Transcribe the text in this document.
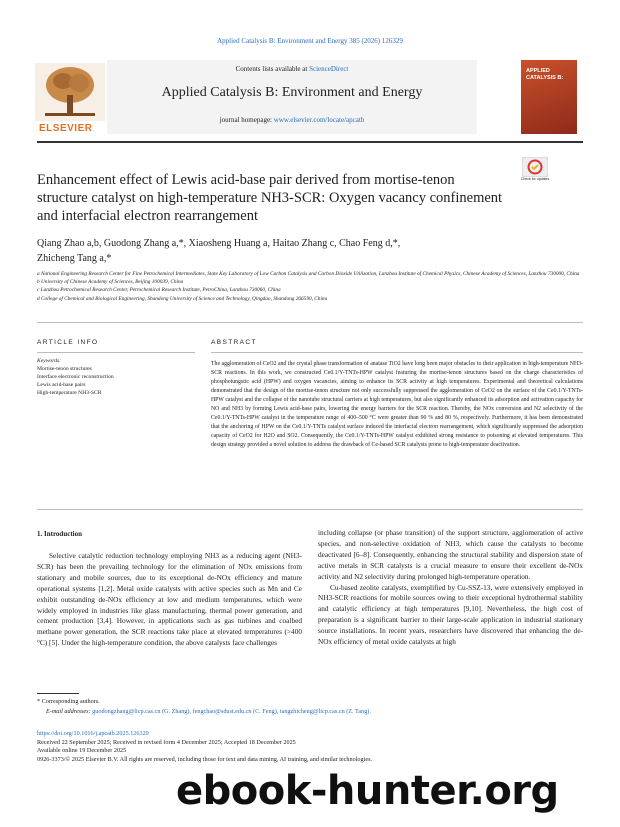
Applied Catalysis B: Environment and Energy 385 (2026) 126329
ELSEVIER
Contents lists available at ScienceDirect
Applied Catalysis B: Environment and Energy
journal homepage: www.elsevier.com/locate/apcatb
APPLIED CATALYSIS B:
Check for updates
Enhancement effect of Lewis acid-base pair derived from mortise-tenon structure catalyst on high-temperature NH3-SCR: Oxygen vacancy confinement and interfacial electron rearrangement
Qiang Zhao a,b, Guodong Zhang a,*, Xiaosheng Huang a, Haitao Zhang c, Chao Feng d,*,
Zhicheng Tang a,*
a National Engineering Research Center for Fine Petrochemical Intermediates, State Key Laboratory of Low Carbon Catalysis and Carbon Dioxide Utilization, Lanzhou Institute of Chemical Physics, Chinese Academy of Sciences, Lanzhou 730000, China
b University of Chinese Academy of Sciences, Beijing 100039, China
c Lanzhou Petrochemical Research Center, Petrochemical Research Institute, PetroChina, Lanzhou 730060, China
d College of Chemical and Biological Engineering, Shandong University of Science and Technology, Qingdao, Shandong 266590, China
ARTICLE INFO	ABSTRACT
Keywords:
Mortise-tenon structures
Interface electronic reconstruction
Lewis acid-base pairs
High-temperature NH3-SCR
The agglomeration of CeO2 and the crystal phase transformation of anatase TiO2 have long been major obstacles to their application in high-temperature NH3-SCR reactions. In this work, we constructed Ce0.1/Y-TNTs-HPW catalyst featuring the mortise-tenon structures based on the charge characteristics of phosphotungstic acid (HPW) and oxygen vacancies, aiming to enhance its SCR activity at high temperatures. Experimental and theoretical calculations demonstrated that the design of the mortise-tenon structure not only successfully suppressed the agglomeration of CeO2 on the surface of the Ce0.1/Y-TNTs-HPW catalyst and the collapse of the nanotube structural carriers at high temperatures, but also significantly enhanced its adsorption and activation capacity for NO and NH3 by forming Lewis acid-base pairs, lowering the energy barriers for the SCR reaction. Thereby, the NOx conversion and N2 selectivity of the Ce0.1/Y-TNTs-HPW catalyst in the temperature range of 400–500 °C were greater than 90 % and 80 %, respectively. Furthermore, it has been demonstrated that the anchoring of HPW on the Ce0.1/Y-TNTs catalyst surface induced the interfacial electron rearrangement, which significantly suppressed the adsorption capacity of CeO2 for H2O and SO2. Consequently, the Ce0.1/Y-TNTs-HPW catalyst exhibited strong resistance to poisoning at elevated temperatures. This design strategy provided a novel solution to address the drawback of Ce-based SCR catalysts prone to high-temperature deactivation.
1. Introduction
Selective catalytic reduction technology employing NH3 as a reducing agent (NH3-SCR) has been the prevailing technology for the elimination of NOx emissions from stationary and mobile sources, due to its exceptional de-NOx efficiency and mature operational systems [1,2]. Metal oxide catalysts with active species such as Mn and Ce exhibit outstanding de-NOx efficiency at low and medium temperatures, which were widely employed in industries like glass manufacturing, thermal power generation, and cement production [3,4]. However, in applications such as gas turbines and coalbed methane power generation, the SCR reactions take place at elevated temperatures (>400 °C) [5]. Under the high-temperature condition, the above catalysts face challenges

including collapse (or phase transition) of the support structure, agglomeration of active species, and non-selective oxidation of NH3, which cause the catalysts to become deactivated [6–8]. Consequently, enhancing the structural stability and dispersion state of active metals in SCR catalysts is a crucial measure to ensure their excellent de-NOx activity and N2 selectivity during prolonged high-temperature operation.

Cu-based zeolite catalysts, exemplified by Cu-SSZ-13, were extensively employed in NH3-SCR reactions for mobile sources owing to their exceptional hydrothermal stability and catalytic efficiency at high temperatures [9,10]. Nevertheless, the high cost of preparation is a significant barrier to their large-scale application in industrial stationary source installations. In recent years, researchers have discovered that enhancing the de-NOx efficiency of metal oxide catalysts at high

* Corresponding authors.
E-mail addresses: guodongzhang@licp.cas.cn (G. Zhang), fengchao@sdust.edu.cn (C. Feng), tangzhicheng@licp.cas.cn (Z. Tang).
https://doi.org/10.1016/j.apcatb.2025.126329
Received 22 September 2025; Received in revised form 4 December 2025; Accepted 18 December 2025
Available online 19 December 2025
0926-3373/© 2025 Elsevier B.V. All rights are reserved, including those for text and data mining, AI training, and similar technologies.
ebook-hunter.org
